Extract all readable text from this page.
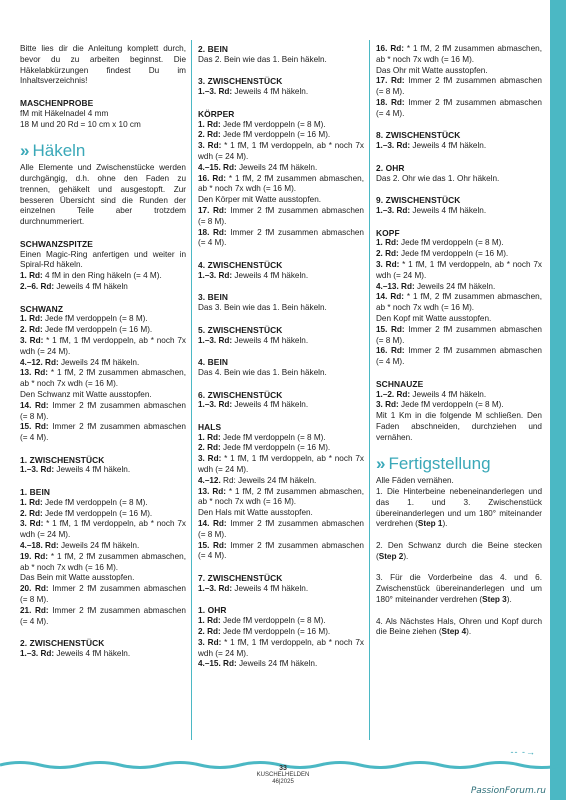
Bitte lies dir die Anleitung komplett durch, bevor du zu arbeiten beginnst. Die Häkelabkürzungen findest Du im Inhaltsverzeichnis!

MASCHENPROBE
fM mit Häkelnadel 4 mm
18 M und 20 Rd = 10 cm x 10 cm
» Häkeln

Alle Elemente und Zwischenstücke werden durchgängig, d.h. ohne den Faden zu trennen, gehäkelt und ausgestopft. Zur besseren Übersicht sind die Runden der einzelnen Teile aber trotzdem durchnummeriert.

SCHWANZSPITZE
Einen Magic-Ring anfertigen und weiter in Spiral-Rd häkeln.
1. Rd: 4 fM in den Ring häkeln (= 4 M).
2.–6. Rd: Jeweils 4 fM häkeln
SCHWANZ
1. Rd: Jede fM verdoppeln (= 8 M).
2. Rd: Jede fM verdoppeln (= 16 M).
3. Rd: * 1 fM, 1 fM verdoppeln, ab * noch 7x wdh (= 24 M).
4.–12. Rd: Jeweils 24 fM häkeln.
13. Rd: * 1 fM, 2 fM zusammen abmaschen, ab * noch 7x wdh (= 16 M).
Den Schwanz mit Watte ausstopfen.
14. Rd: Immer 2 fM zusammen abmaschen (= 8 M).
15. Rd: Immer 2 fM zusammen abmaschen (= 4 M).
1. ZWISCHENSTÜCK
1.–3. Rd: Jeweils 4 fM häkeln.
1. BEIN
1. Rd: Jede fM verdoppeln (= 8 M).
2. Rd: Jede fM verdoppeln (= 16 M).
3. Rd: * 1 fM, 1 fM verdoppeln, ab * noch 7x wdh (= 24 M).
4.–18. Rd: Jeweils 24 fM häkeln.
19. Rd: * 1 fM, 2 fM zusammen abmaschen, ab * noch 7x wdh (= 16 M).
Das Bein mit Watte ausstopfen.
20. Rd: Immer 2 fM zusammen abmaschen (= 8 M).
21. Rd: Immer 2 fM zusammen abmaschen (= 4 M).
2. ZWISCHENSTÜCK
1.–3. Rd: Jeweils 4 fM häkeln.
2. BEIN
Das 2. Bein wie das 1. Bein häkeln.
3. ZWISCHENSTÜCK
1.–3. Rd: Jeweils 4 fM häkeln.
KÖRPER
1. Rd: Jede fM verdoppeln (= 8 M).
2. Rd: Jede fM verdoppeln (= 16 M).
3. Rd: * 1 fM, 1 fM verdoppeln, ab * noch 7x wdh (= 24 M).
4.–15. Rd: Jeweils 24 fM häkeln.
16. Rd: * 1 fM, 2 fM zusammen abmaschen, ab * noch 7x wdh (= 16 M).
Den Körper mit Watte ausstopfen.
17. Rd: Immer 2 fM zusammen abmaschen (= 8 M).
18. Rd: Immer 2 fM zusammen abmaschen (= 4 M).
4. ZWISCHENSTÜCK
1.–3. Rd: Jeweils 4 fM häkeln.
3. BEIN
Das 3. Bein wie das 1. Bein häkeln.
5. ZWISCHENSTÜCK
1.–3. Rd: Jeweils 4 fM häkeln.
4. BEIN
Das 4. Bein wie das 1. Bein häkeln.
6. ZWISCHENSTÜCK
1.–3. Rd: Jeweils 4 fM häkeln.
HALS
1. Rd: Jede fM verdoppeln (= 8 M).
2. Rd: Jede fM verdoppeln (= 16 M).
3. Rd: * 1 fM, 1 fM verdoppeln, ab * noch 7x wdh (= 24 M).
4.–12. Rd: Jeweils 24 fM häkeln.
13. Rd: * 1 fM, 2 fM zusammen abmaschen, ab * noch 7x wdh (= 16 M).
Den Hals mit Watte ausstopfen.
14. Rd: Immer 2 fM zusammen abmaschen (= 8 M).
15. Rd: Immer 2 fM zusammen abmaschen (= 4 M).
7. ZWISCHENSTÜCK
1.–3. Rd: Jeweils 4 fM häkeln.
1. OHR
1. Rd: Jede fM verdoppeln (= 8 M).
2. Rd: Jede fM verdoppeln (= 16 M).
3. Rd: * 1 fM, 1 fM verdoppeln, ab * noch 7x wdh (= 24 M).
4.–15. Rd: Jeweils 24 fM häkeln.
16. Rd: * 1 fM, 2 fM zusammen abmaschen, ab * noch 7x wdh (= 16 M).
Das Ohr mit Watte ausstopfen.
17. Rd: Immer 2 fM zusammen abmaschen (= 8 M).
18. Rd: Immer 2 fM zusammen abmaschen (= 4 M).
8. ZWISCHENSTÜCK
1.–3. Rd: Jeweils 4 fM häkeln.
2. OHR
Das 2. Ohr wie das 1. Ohr häkeln.
9. ZWISCHENSTÜCK
1.–3. Rd: Jeweils 4 fM häkeln.
KOPF
1. Rd: Jede fM verdoppeln (= 8 M).
2. Rd: Jede fM verdoppeln (= 16 M).
3. Rd: * 1 fM, 1 fM verdoppeln, ab * noch 7x wdh (= 24 M).
4.–13. Rd: Jeweils 24 fM häkeln.
14. Rd: * 1 fM, 2 fM zusammen abmaschen, ab * noch 7x wdh (= 16 M).
Den Kopf mit Watte ausstopfen.
15. Rd: Immer 2 fM zusammen abmaschen (= 8 M).
16. Rd: Immer 2 fM zusammen abmaschen (= 4 M).
SCHNAUZE
1.–2. Rd: Jeweils 4 fM häkeln.
3. Rd: Jede fM verdoppeln (= 8 M).
Mit 1 Km in die folgende M schließen. Den Faden abschneiden, durchziehen und vernähen.
» Fertigstellung
Alle Fäden vernähen.
1. Die Hinterbeine nebeneinanderlegen und das 1. und 3. Zwischenstück übereinanderlegen und um 180° miteinander verdrehen (Step 1).
2. Den Schwanz durch die Beine stecken (Step 2).
3. Für die Vorderbeine das 4. und 6. Zwischenstück übereinanderlegen und um 180° miteinander verdrehen (Step 3).
4. Als Nächstes Hals, Ohren und Kopf durch die Beine ziehen (Step 4).
-- -→
33
KUSCHELHELDEN
46|2025
PassionForum.ru
